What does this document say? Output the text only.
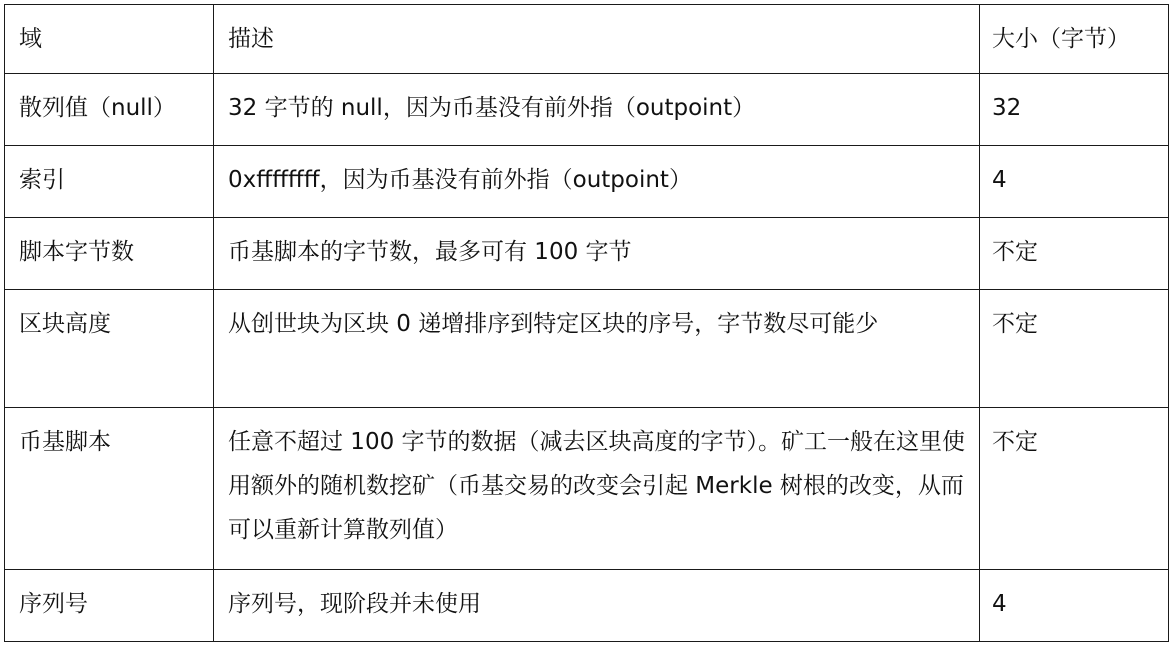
域	描述	大小（字节）
散列值（null）	32 字节的 null，因为币基没有前外指（outpoint）	32
索引	0xffffffff，因为币基没有前外指（outpoint）	4
脚本字节数	币基脚本的字节数，最多可有 100 字节	不定
区块高度	从创世块为区块 0 递增排序到特定区块的序号，字节数尽可能少	不定
币基脚本	任意不超过 100 字节的数据（减去区块高度的字节）。矿工一般在这里使用额外的随机数挖矿（币基交易的改变会引起 Merkle 树根的改变，从而可以重新计算散列值）	不定
序列号	序列号，现阶段并未使用	4
